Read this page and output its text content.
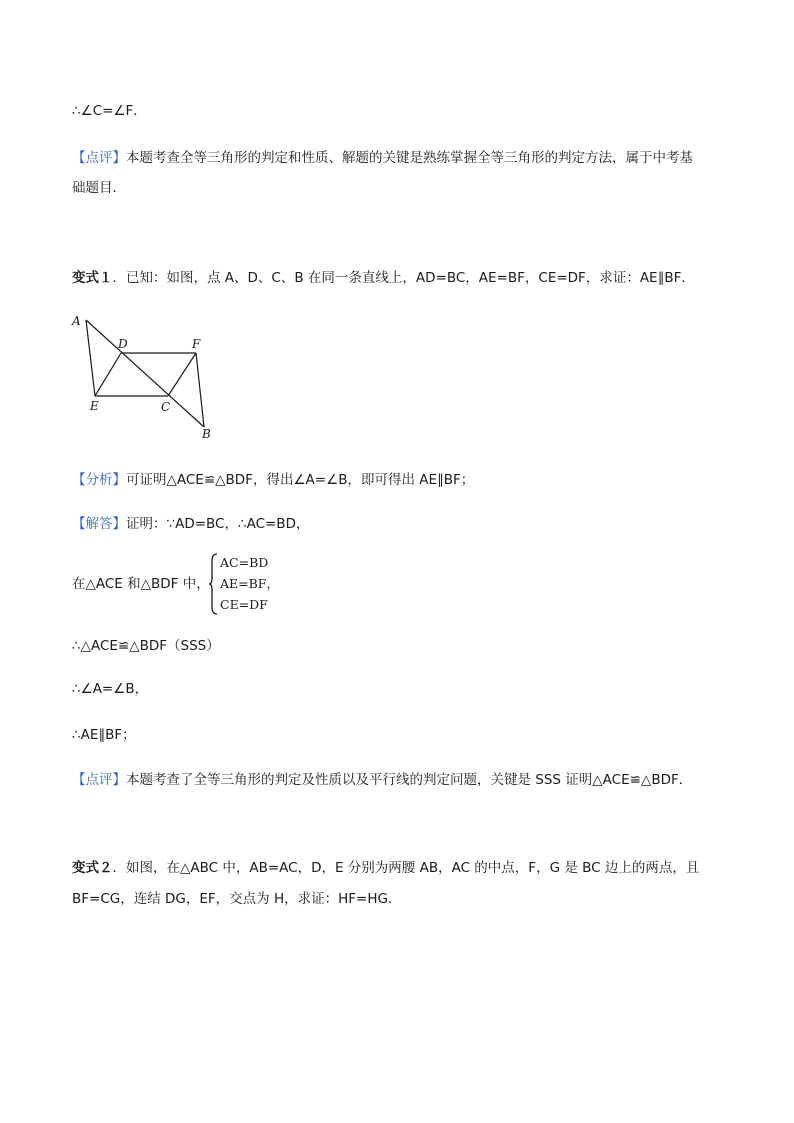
∴∠C=∠F．
【点评】本题考查全等三角形的判定和性质、解题的关键是熟练掌握全等三角形的判定方法，属于中考基
础题目．
变式１．已知：如图，点 A、D、C、B 在同一条直线上，AD=BC，AE=BF，CE=DF，求证：AE∥BF．
A
D	F
E	C
B
【分析】可证明△ACE≌△BDF，得出∠A=∠B，即可得出 AE∥BF；
【解答】证明：∵AD=BC，∴AC=BD，
在△ACE 和△BDF 中，
AC=BD
AE=BF，
CE=DF
∴△ACE≌△BDF（SSS）
∴∠A=∠B，
∴AE∥BF；
【点评】本题考查了全等三角形的判定及性质以及平行线的判定问题，关键是 SSS 证明△ACE≌△BDF．
变式２．如图，在△ABC 中，AB=AC，D，E 分别为两腰 AB，AC 的中点，F，G 是 BC 边上的两点，且
BF=CG，连结 DG，EF，交点为 H，求证：HF=HG．
